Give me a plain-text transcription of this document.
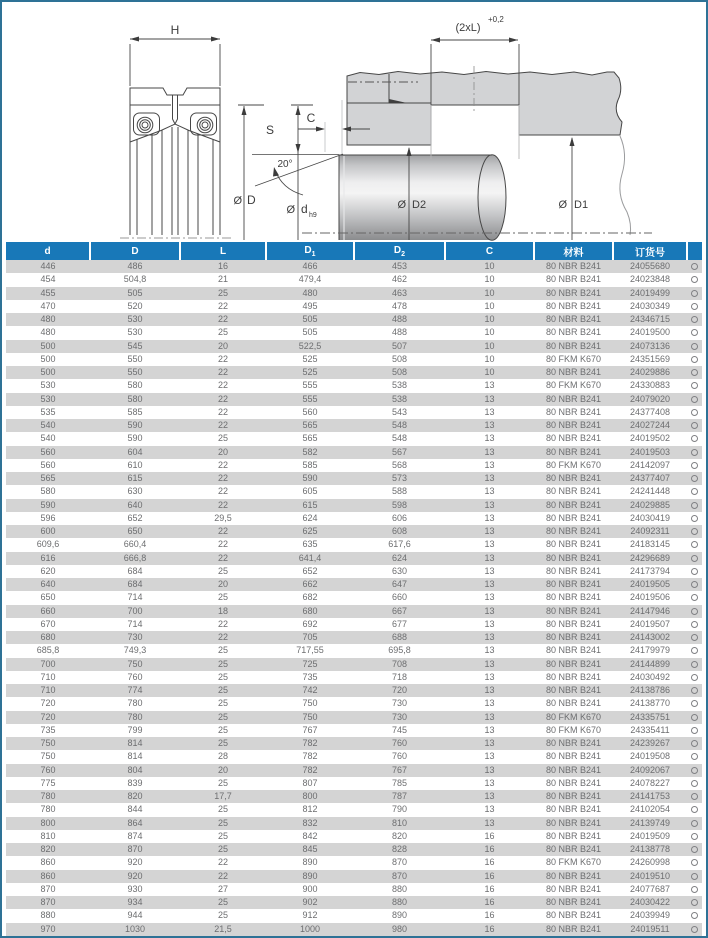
H	(2xL)
+0,2
S
C
20°
Ø D
Ø d h9
Ø D2	Ø D1
d	D	L	$D_1$	$D_2$	C	材料	订货号	
446	486	16	466	453	10	80 NBR B241	24055680	
454	504,8	21	479,4	462	10	80 NBR B241	24023848	
455	505	25	480	463	10	80 NBR B241	24019499	
470	520	22	495	478	10	80 NBR B241	24030349	
480	530	22	505	488	10	80 NBR B241	24346715	
480	530	25	505	488	10	80 NBR B241	24019500	
500	545	20	522,5	507	10	80 NBR B241	24073136	
500	550	22	525	508	10	80 FKM K670	24351569	
500	550	22	525	508	10	80 NBR B241	24029886	
530	580	22	555	538	13	80 FKM K670	24330883	
530	580	22	555	538	13	80 NBR B241	24079020	
535	585	22	560	543	13	80 NBR B241	24377408	
540	590	22	565	548	13	80 NBR B241	24027244	
540	590	25	565	548	13	80 NBR B241	24019502	
560	604	20	582	567	13	80 NBR B241	24019503	
560	610	22	585	568	13	80 FKM K670	24142097	
565	615	22	590	573	13	80 NBR B241	24377407	
580	630	22	605	588	13	80 NBR B241	24241448	
590	640	22	615	598	13	80 NBR B241	24029885	
596	652	29,5	624	606	13	80 NBR B241	24030419	
600	650	22	625	608	13	80 NBR B241	24092311	
609,6	660,4	22	635	617,6	13	80 NBR B241	24183145	
616	666,8	22	641,4	624	13	80 NBR B241	24296689	
620	684	25	652	630	13	80 NBR B241	24173794	
640	684	20	662	647	13	80 NBR B241	24019505	
650	714	25	682	660	13	80 NBR B241	24019506	
660	700	18	680	667	13	80 NBR B241	24147946	
670	714	22	692	677	13	80 NBR B241	24019507	
680	730	22	705	688	13	80 NBR B241	24143002	
685,8	749,3	25	717,55	695,8	13	80 NBR B241	24179979	
700	750	25	725	708	13	80 NBR B241	24144899	
710	760	25	735	718	13	80 NBR B241	24030492	
710	774	25	742	720	13	80 NBR B241	24138786	
720	780	25	750	730	13	80 NBR B241	24138770	
720	780	25	750	730	13	80 FKM K670	24335751	
735	799	25	767	745	13	80 FKM K670	24335411	
750	814	25	782	760	13	80 NBR B241	24239267	
750	814	28	782	760	13	80 NBR B241	24019508	
760	804	20	782	767	13	80 NBR B241	24092067	
775	839	25	807	785	13	80 NBR B241	24078227	
780	820	17,7	800	787	13	80 NBR B241	24141753	
780	844	25	812	790	13	80 NBR B241	24102054	
800	864	25	832	810	13	80 NBR B241	24139749	
810	874	25	842	820	16	80 NBR B241	24019509	
820	870	25	845	828	16	80 NBR B241	24138778	
860	920	22	890	870	16	80 FKM K670	24260998	
860	920	22	890	870	16	80 NBR B241	24019510	
870	930	27	900	880	16	80 NBR B241	24077687	
870	934	25	902	880	16	80 NBR B241	24030422	
880	944	25	912	890	16	80 NBR B241	24039949	
970	1030	21,5	1000	980	16	80 NBR B241	24019511	
